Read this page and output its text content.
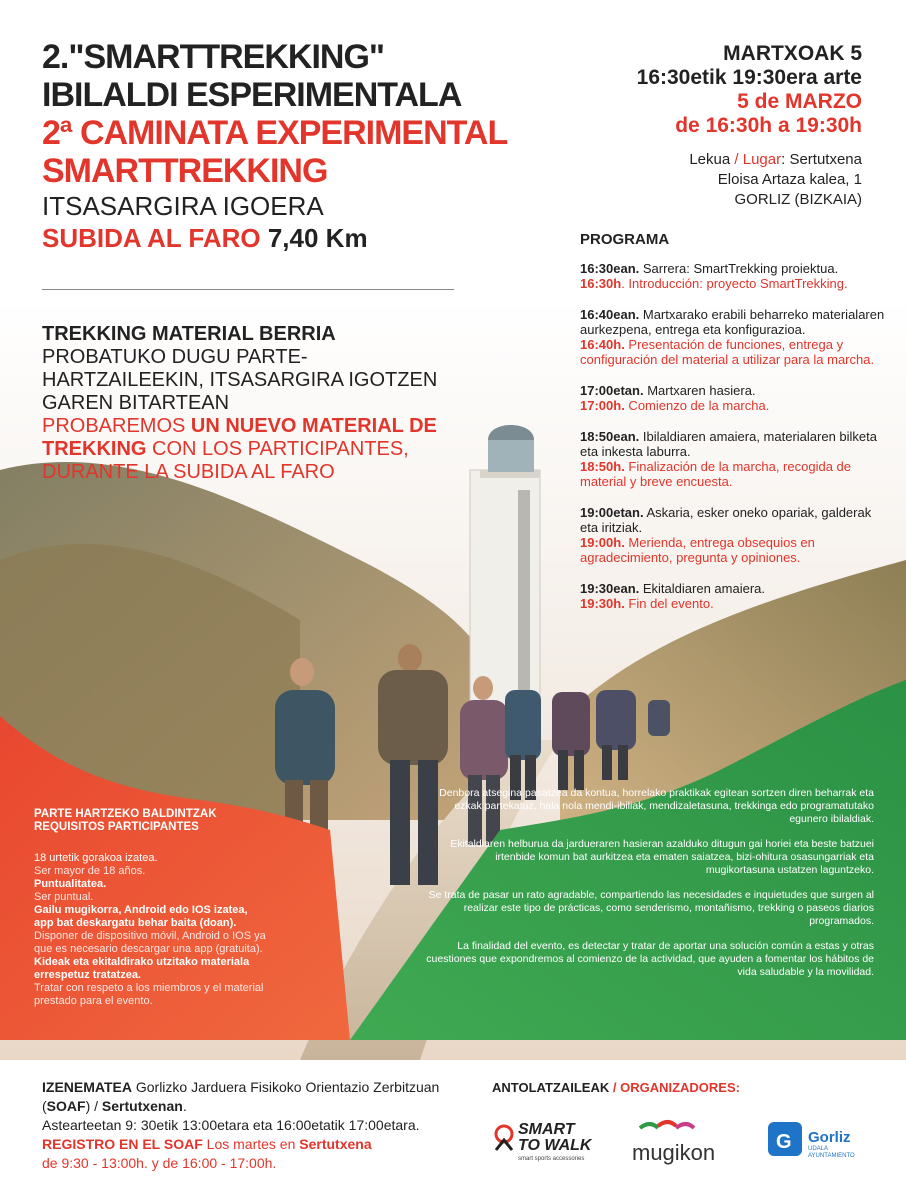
2."SMARTTREKKING"
IBILALDI ESPERIMENTALA
2ª CAMINATA EXPERIMENTAL
SMARTTREKKING
ITSASARGIRA IGOERA
SUBIDA AL FARO 7,40 Km
MARTXOAK 5
16:30etik 19:30era arte
5 de MARZO
de 16:30h a 19:30h
Lekua / Lugar: Sertutxena
Eloisa Artaza kalea, 1
GORLIZ (BIZKAIA)
TREKKING MATERIAL BERRIA PROBATUKO DUGU PARTE-HARTZAILEEKIN, ITSASARGIRA IGOTZEN GAREN BITARTEAN
PROBAREMOS UN NUEVO MATERIAL DE TREKKING CON LOS PARTICIPANTES, DURANTE LA SUBIDA AL FARO
PROGRAMA
16:30ean. Sarrera: SmartTrekking proiektua.
16:30h. Introducción: proyecto SmartTrekking.
16:40ean. Martxarako erabili beharreko materialaren aurkezpena, entrega eta konfigurazioa.
16:40h. Presentación de funciones, entrega y configuración del material a utilizar para la marcha.
17:00etan. Martxaren hasiera.
17:00h. Comienzo de la marcha.
18:50ean. Ibilaldiaren amaiera, materialaren bilketa eta inkesta laburra.
18:50h. Finalización de la marcha, recogida de material y breve encuesta.
19:00etan. Askaria, esker oneko opariak, galderak eta iritziak.
19:00h. Merienda, entrega obsequios en agradecimiento, pregunta y opiniones.
19:30ean. Ekitaldiaren amaiera.
19:30h. Fin del evento.
PARTE HARTZEKO BALDINTZAK
REQUISITOS PARTICIPANTES
18 urtetik gorakoa izatea.
Ser mayor de 18 años.
Puntualitatea.
Ser puntual.
Gailu mugikorra, Android edo IOS izatea, app bat deskargatu behar baita (doan).
Disponer de dispositivo móvil, Android o IOS ya que es necesario descargar una app (gratuita).
Kideak eta ekitaldirako utzitako materiala errespetuz tratatzea.
Tratar con respeto a los miembros y el material prestado para el evento.

Denbora atsegina pasatzea da kontua, horrelako praktikak egitean sortzen diren beharrak eta ezkak partekatuz, hala nola mendi-ibiliak, mendizaletasuna, trekkinga edo programatutako egunero ibilaldiak.

Ekitaldiaren helburua da jardueraren hasieran azalduko ditugun gai horiei eta beste batzuei irtenbide komun bat aurkitzea eta ematen saiatzea, bizi-ohitura osasungarriak eta mugikortasuna ustatzen laguntzeko.

Se trata de pasar un rato agradable, compartiendo las necesidades e inquietudes que surgen al realizar este tipo de prácticas, como senderismo, montañismo, trekking o paseos diarios programados.

La finalidad del evento, es detectar y tratar de aportar una solución común a estas y otras cuestiones que expondremos al comienzo de la actividad, que ayuden a fomentar los hábitos de vida saludable y la movilidad.

IZENEMATEA Gorlizko Jarduera Fisikoko Orientazio Zerbitzuan (SOAF) / Sertutxenan.
Astearteetan 9: 30etik 13:00etara eta 16:00etatik 17:00etara.
REGISTRO EN EL SOAF Los martes en Sertutxena
de 9:30 - 13:00h. y de 16:00 - 17:00h.
ANTOLATZAILEAK / ORGANIZADORES:
SMART
TO WALK
smart sports accessories mugikon	G Gorliz
UDALA
AYUNTAMIENTO
